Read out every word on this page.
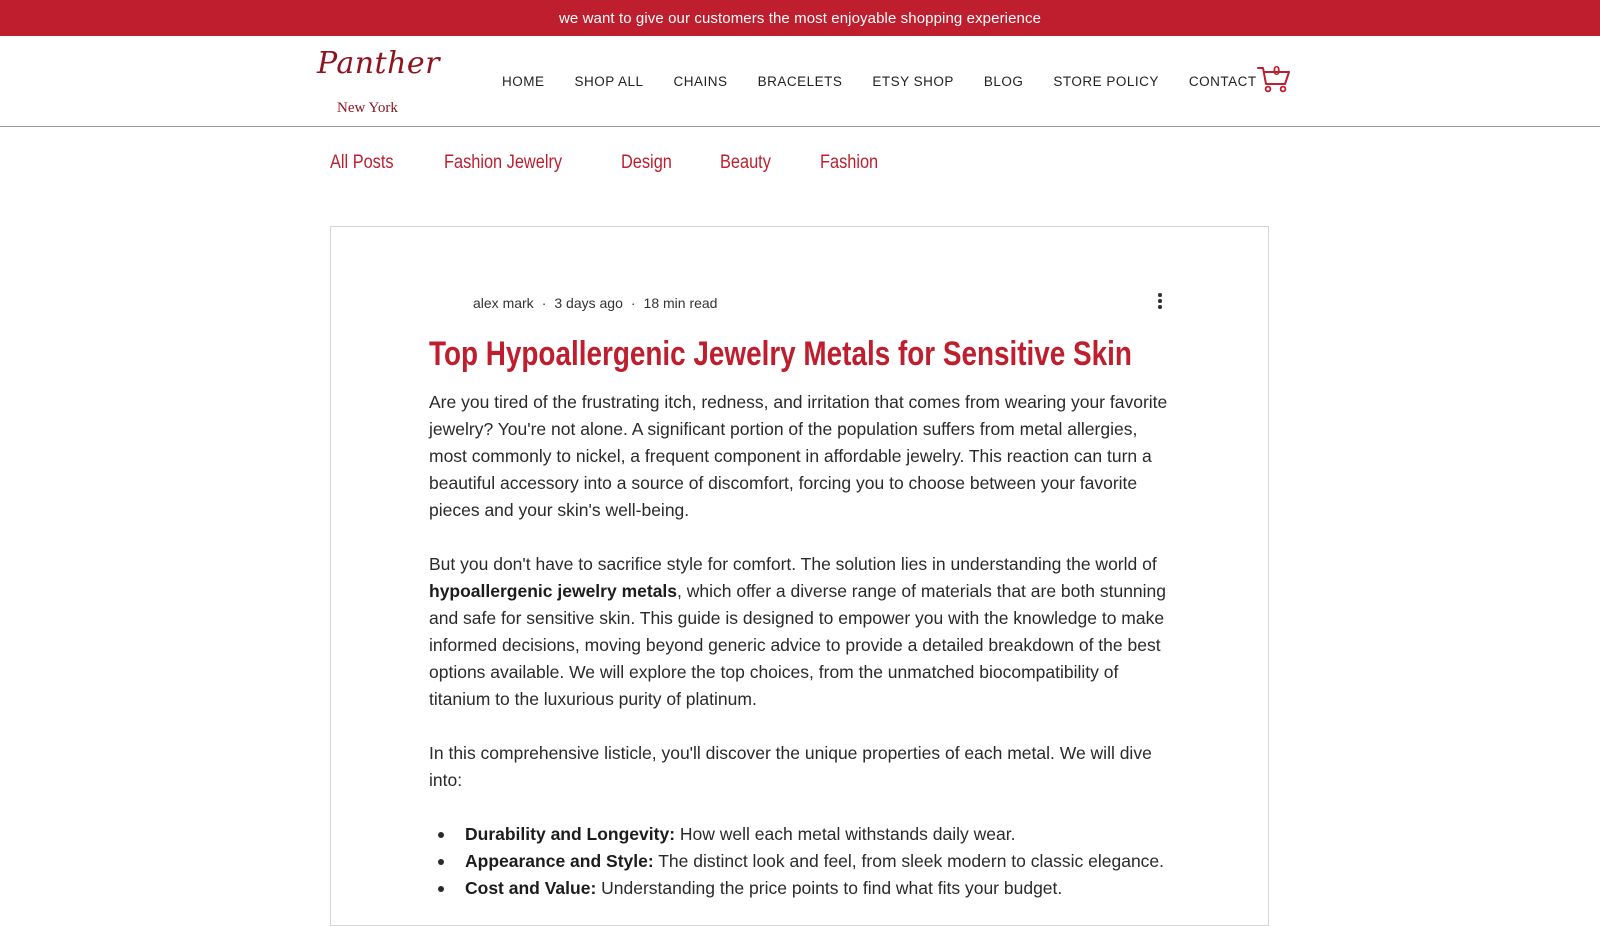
we want to give our customers the most enjoyable shopping experience
Panther
New York
HOME SHOP ALL CHAINS BRACELETS ETSY SHOP BLOG STORE POLICY CONTACT
0
All Posts	Fashion Jewelry	Design	Beauty	Fashion
alex mark · 3 days ago · 18 min read
Top Hypoallergenic Jewelry Metals for Sensitive Skin

Are you tired of the frustrating itch, redness, and irritation that comes from wearing your favorite jewelry? You're not alone. A significant portion of the population suffers from metal allergies, most commonly to nickel, a frequent component in affordable jewelry. This reaction can turn a beautiful accessory into a source of discomfort, forcing you to choose between your favorite pieces and your skin's well-being.

But you don't have to sacrifice style for comfort. The solution lies in understanding the world of hypoallergenic jewelry metals, which offer a diverse range of materials that are both stunning and safe for sensitive skin. This guide is designed to empower you with the knowledge to make informed decisions, moving beyond generic advice to provide a detailed breakdown of the best options available. We will explore the top choices, from the unmatched biocompatibility of titanium to the luxurious purity of platinum.

In this comprehensive listicle, you'll discover the unique properties of each metal. We will dive into:

Durability and Longevity: How well each metal withstands daily wear.
Appearance and Style: The distinct look and feel, from sleek modern to classic elegance.
Cost and Value: Understanding the price points to find what fits your budget.
